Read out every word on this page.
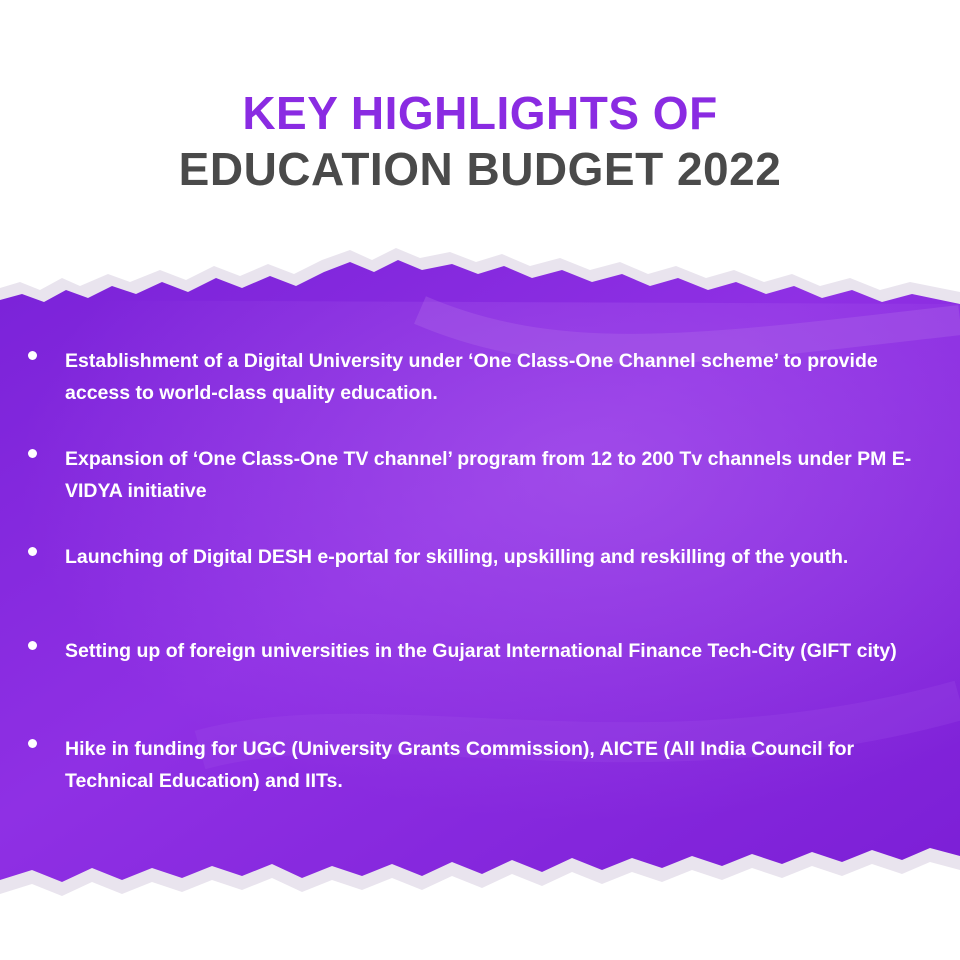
KEY HIGHLIGHTS OF
EDUCATION BUDGET 2022
Establishment of a Digital University under ‘One Class-One Channel scheme’ to provide access to world-class quality education.
Expansion of ‘One Class-One TV channel’ program from 12 to 200 Tv channels under PM E-VIDYA initiative
Launching of Digital DESH e-portal for skilling, upskilling and reskilling of the youth.
Setting up of foreign universities in the Gujarat International Finance Tech-City (GIFT city)
Hike in funding for UGC (University Grants Commission), AICTE (All India Council for Technical Education) and IITs.
